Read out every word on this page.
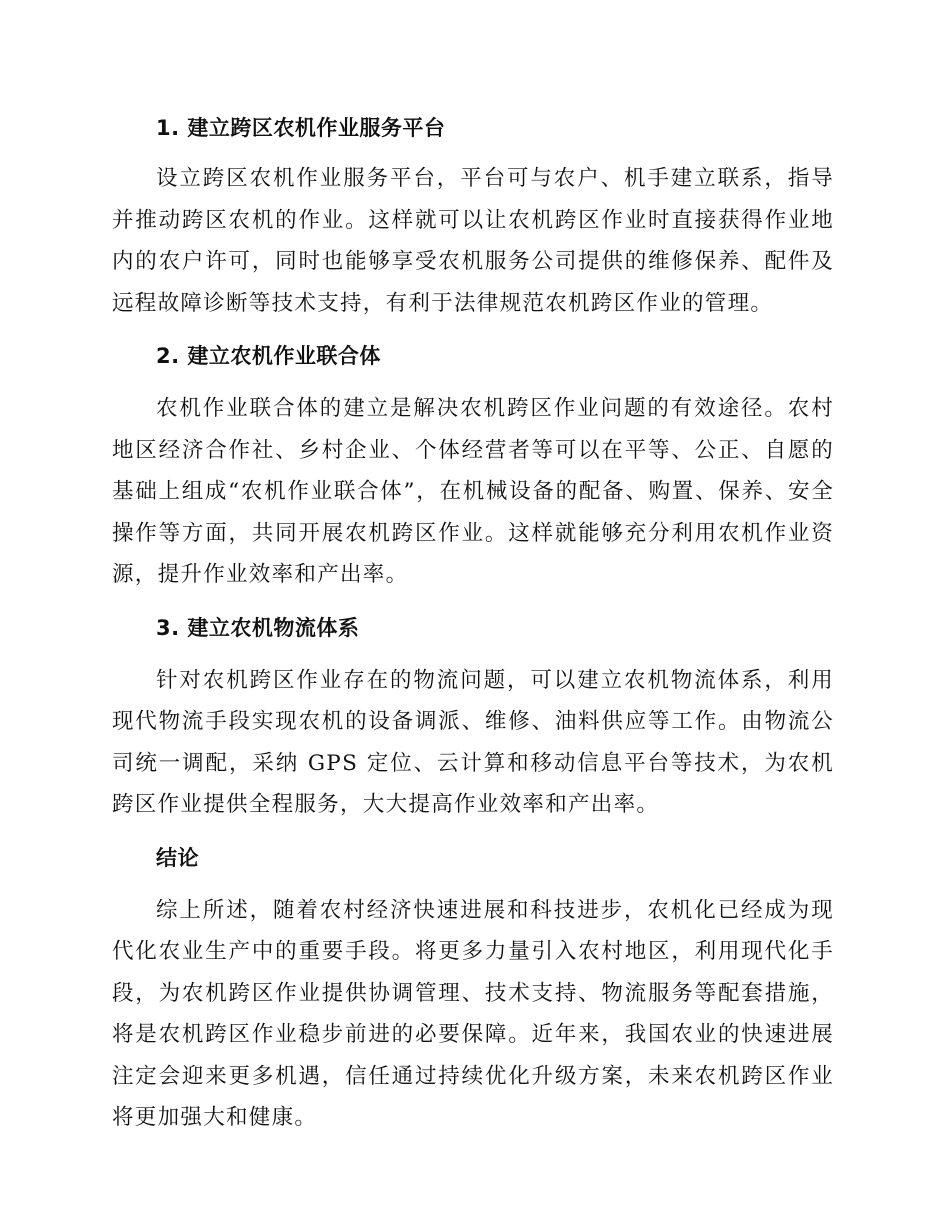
1. 建立跨区农机作业服务平台

设立跨区农机作业服务平台，平台可与农户、机手建立联系，指导并推动跨区农机的作业。这样就可以让农机跨区作业时直接获得作业地内的农户许可，同时也能够享受农机服务公司提供的维修保养、配件及远程故障诊断等技术支持，有利于法律规范农机跨区作业的管理。

2. 建立农机作业联合体

农机作业联合体的建立是解决农机跨区作业问题的有效途径。农村地区经济合作社、乡村企业、个体经营者等可以在平等、公正、自愿的基础上组成“农机作业联合体”，在机械设备的配备、购置、保养、安全操作等方面，共同开展农机跨区作业。这样就能够充分利用农机作业资源，提升作业效率和产出率。

3. 建立农机物流体系

针对农机跨区作业存在的物流问题，可以建立农机物流体系，利用现代物流手段实现农机的设备调派、维修、油料供应等工作。由物流公司统一调配，采纳 GPS 定位、云计算和移动信息平台等技术，为农机跨区作业提供全程服务，大大提高作业效率和产出率。

结论

综上所述，随着农村经济快速进展和科技进步，农机化已经成为现代化农业生产中的重要手段。将更多力量引入农村地区，利用现代化手段，为农机跨区作业提供协调管理、技术支持、物流服务等配套措施，将是农机跨区作业稳步前进的必要保障。近年来，我国农业的快速进展注定会迎来更多机遇，信任通过持续优化升级方案，未来农机跨区作业将更加强大和健康。
